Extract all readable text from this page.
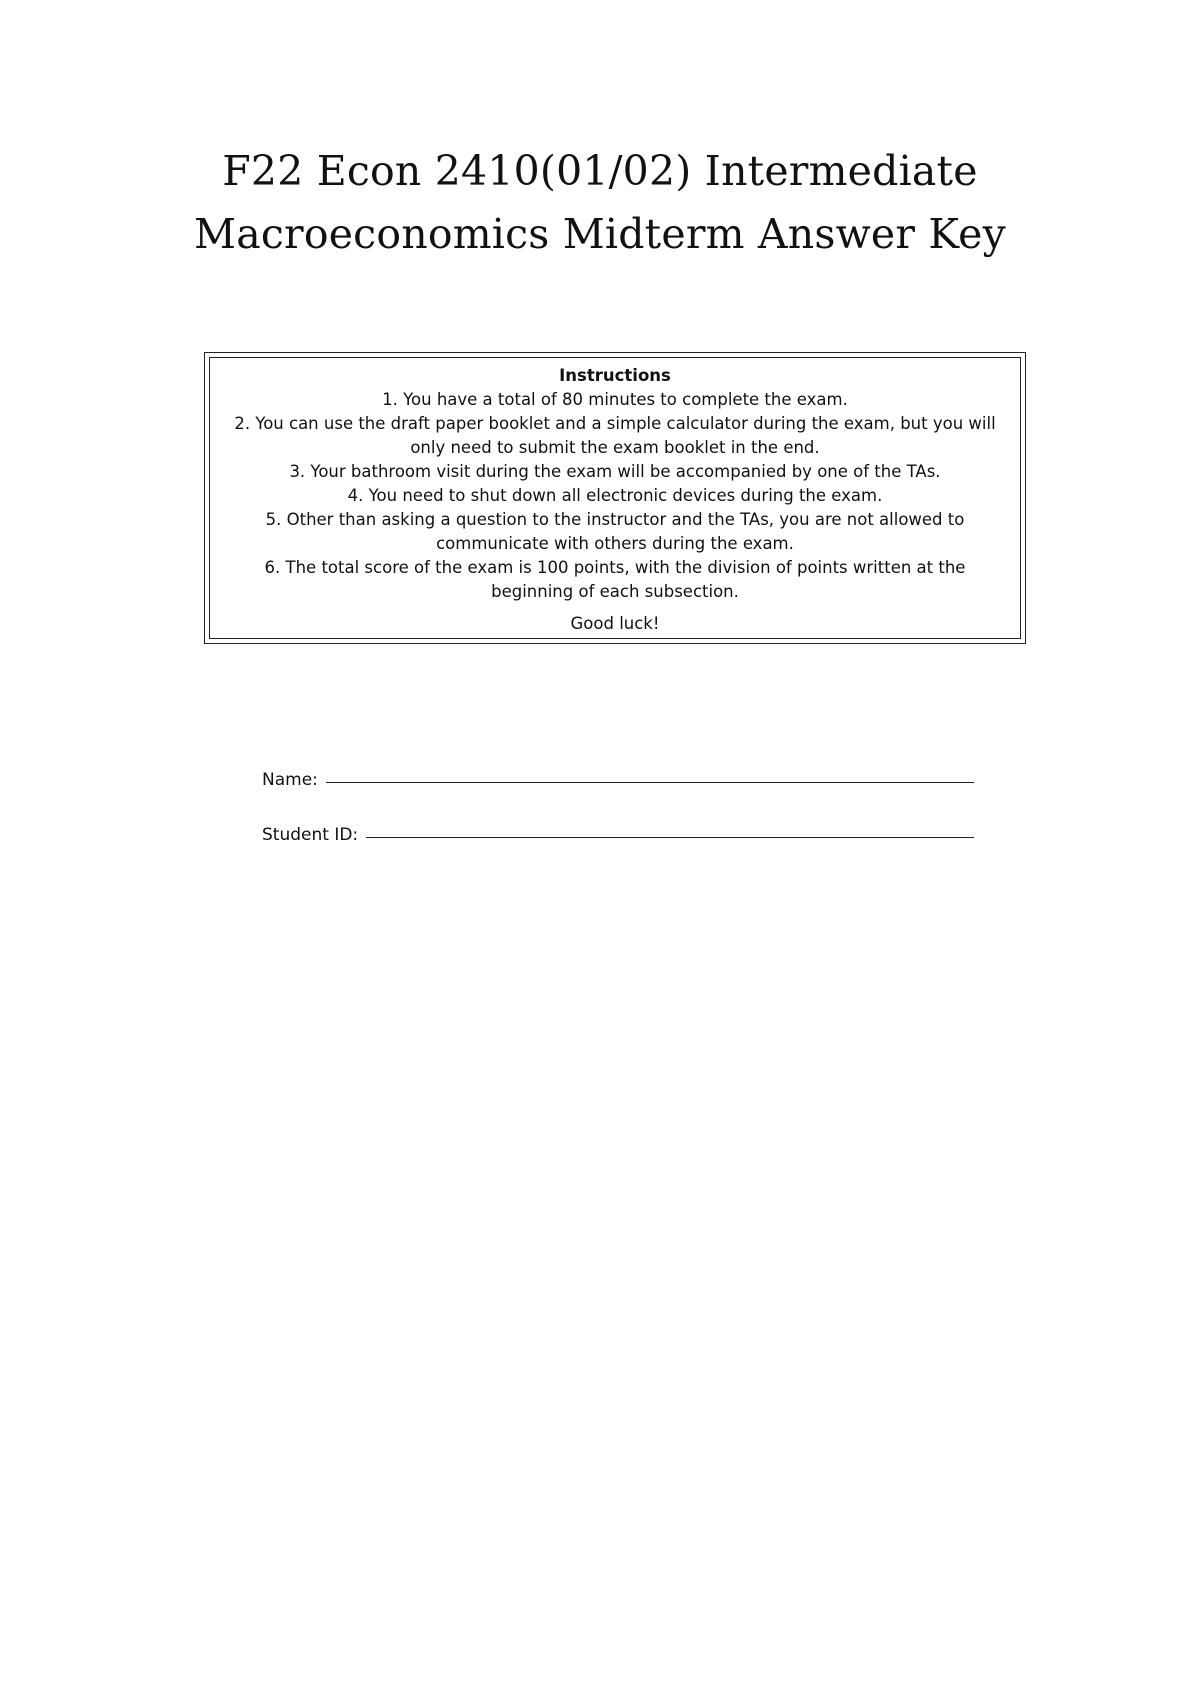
F22 Econ 2410(01/02) Intermediate
Macroeconomics Midterm Answer Key

Instructions

1. You have a total of 80 minutes to complete the exam.

2. You can use the draft paper booklet and a simple calculator during the exam, but you will only need to submit the exam booklet in the end.

3. Your bathroom visit during the exam will be accompanied by one of the TAs.

4. You need to shut down all electronic devices during the exam.

5. Other than asking a question to the instructor and the TAs, you are not allowed to communicate with others during the exam.

6. The total score of the exam is 100 points, with the division of points written at the beginning of each subsection.

Good luck!

Name:
Student ID:
